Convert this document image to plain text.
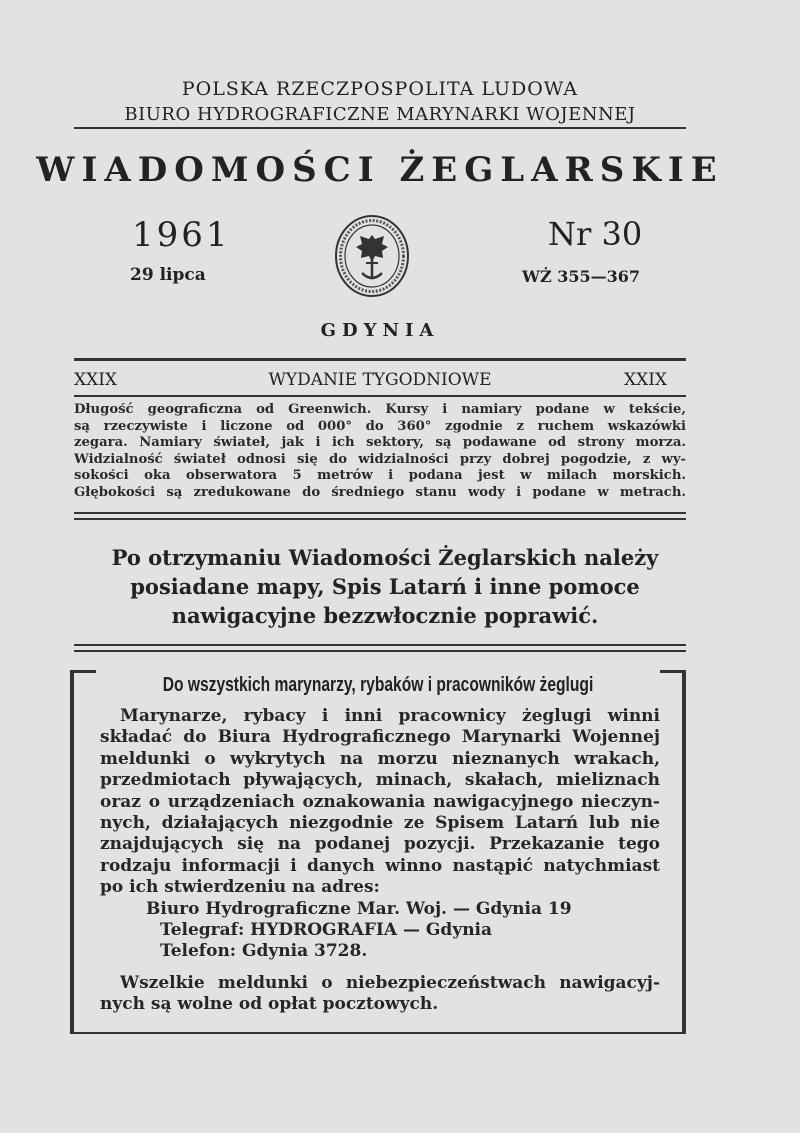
POLSKA RZECZPOSPOLITA LUDOWA
BIURO HYDROGRAFICZNE MARYNARKI WOJENNEJ
WIADOMOŚCI ŻEGLARSKIE
1961
29 lipca
Nr 30
WŻ 355—367
GDYNIA
XXIX	WYDANIE TYGODNIOWE	XXIX
Długość geograficzna od Greenwich. Kursy i namiary podane w tekście,
są rzeczywiste i liczone od 000° do 360° zgodnie z ruchem wskazówki
zegara. Namiary świateł, jak i ich sektory, są podawane od strony morza.
Widzialność świateł odnosi się do widzialności przy dobrej pogodzie, z wy-
sokości oka obserwatora 5 metrów i podana jest w milach morskich.
Głębokości są zredukowane do średniego stanu wody i podane w metrach.
Po otrzymaniu Wiadomości Żeglarskich należy
posiadane mapy, Spis Latarń i inne pomoce
nawigacyjne bezzwłocznie poprawić.
Do wszystkich marynarzy, rybaków i pracowników żeglugi
Marynarze, rybacy i inni pracownicy żeglugi winni
składać do Biura Hydrograficznego Marynarki Wojennej
meldunki o wykrytych na morzu nieznanych wrakach,
przedmiotach pływających, minach, skałach, mieliznach
oraz o urządzeniach oznakowania nawigacyjnego nieczyn-
nych, działających niezgodnie ze Spisem Latarń lub nie
znajdujących się na podanej pozycji. Przekazanie tego
rodzaju informacji i danych winno nastąpić natychmiast
po ich stwierdzeniu na adres:
Biuro Hydrograficzne Mar. Woj. — Gdynia 19
Telegraf: HYDROGRAFIA — Gdynia
Telefon: Gdynia 3728.
Wszelkie meldunki o niebezpieczeństwach nawigacyj-
nych są wolne od opłat pocztowych.
